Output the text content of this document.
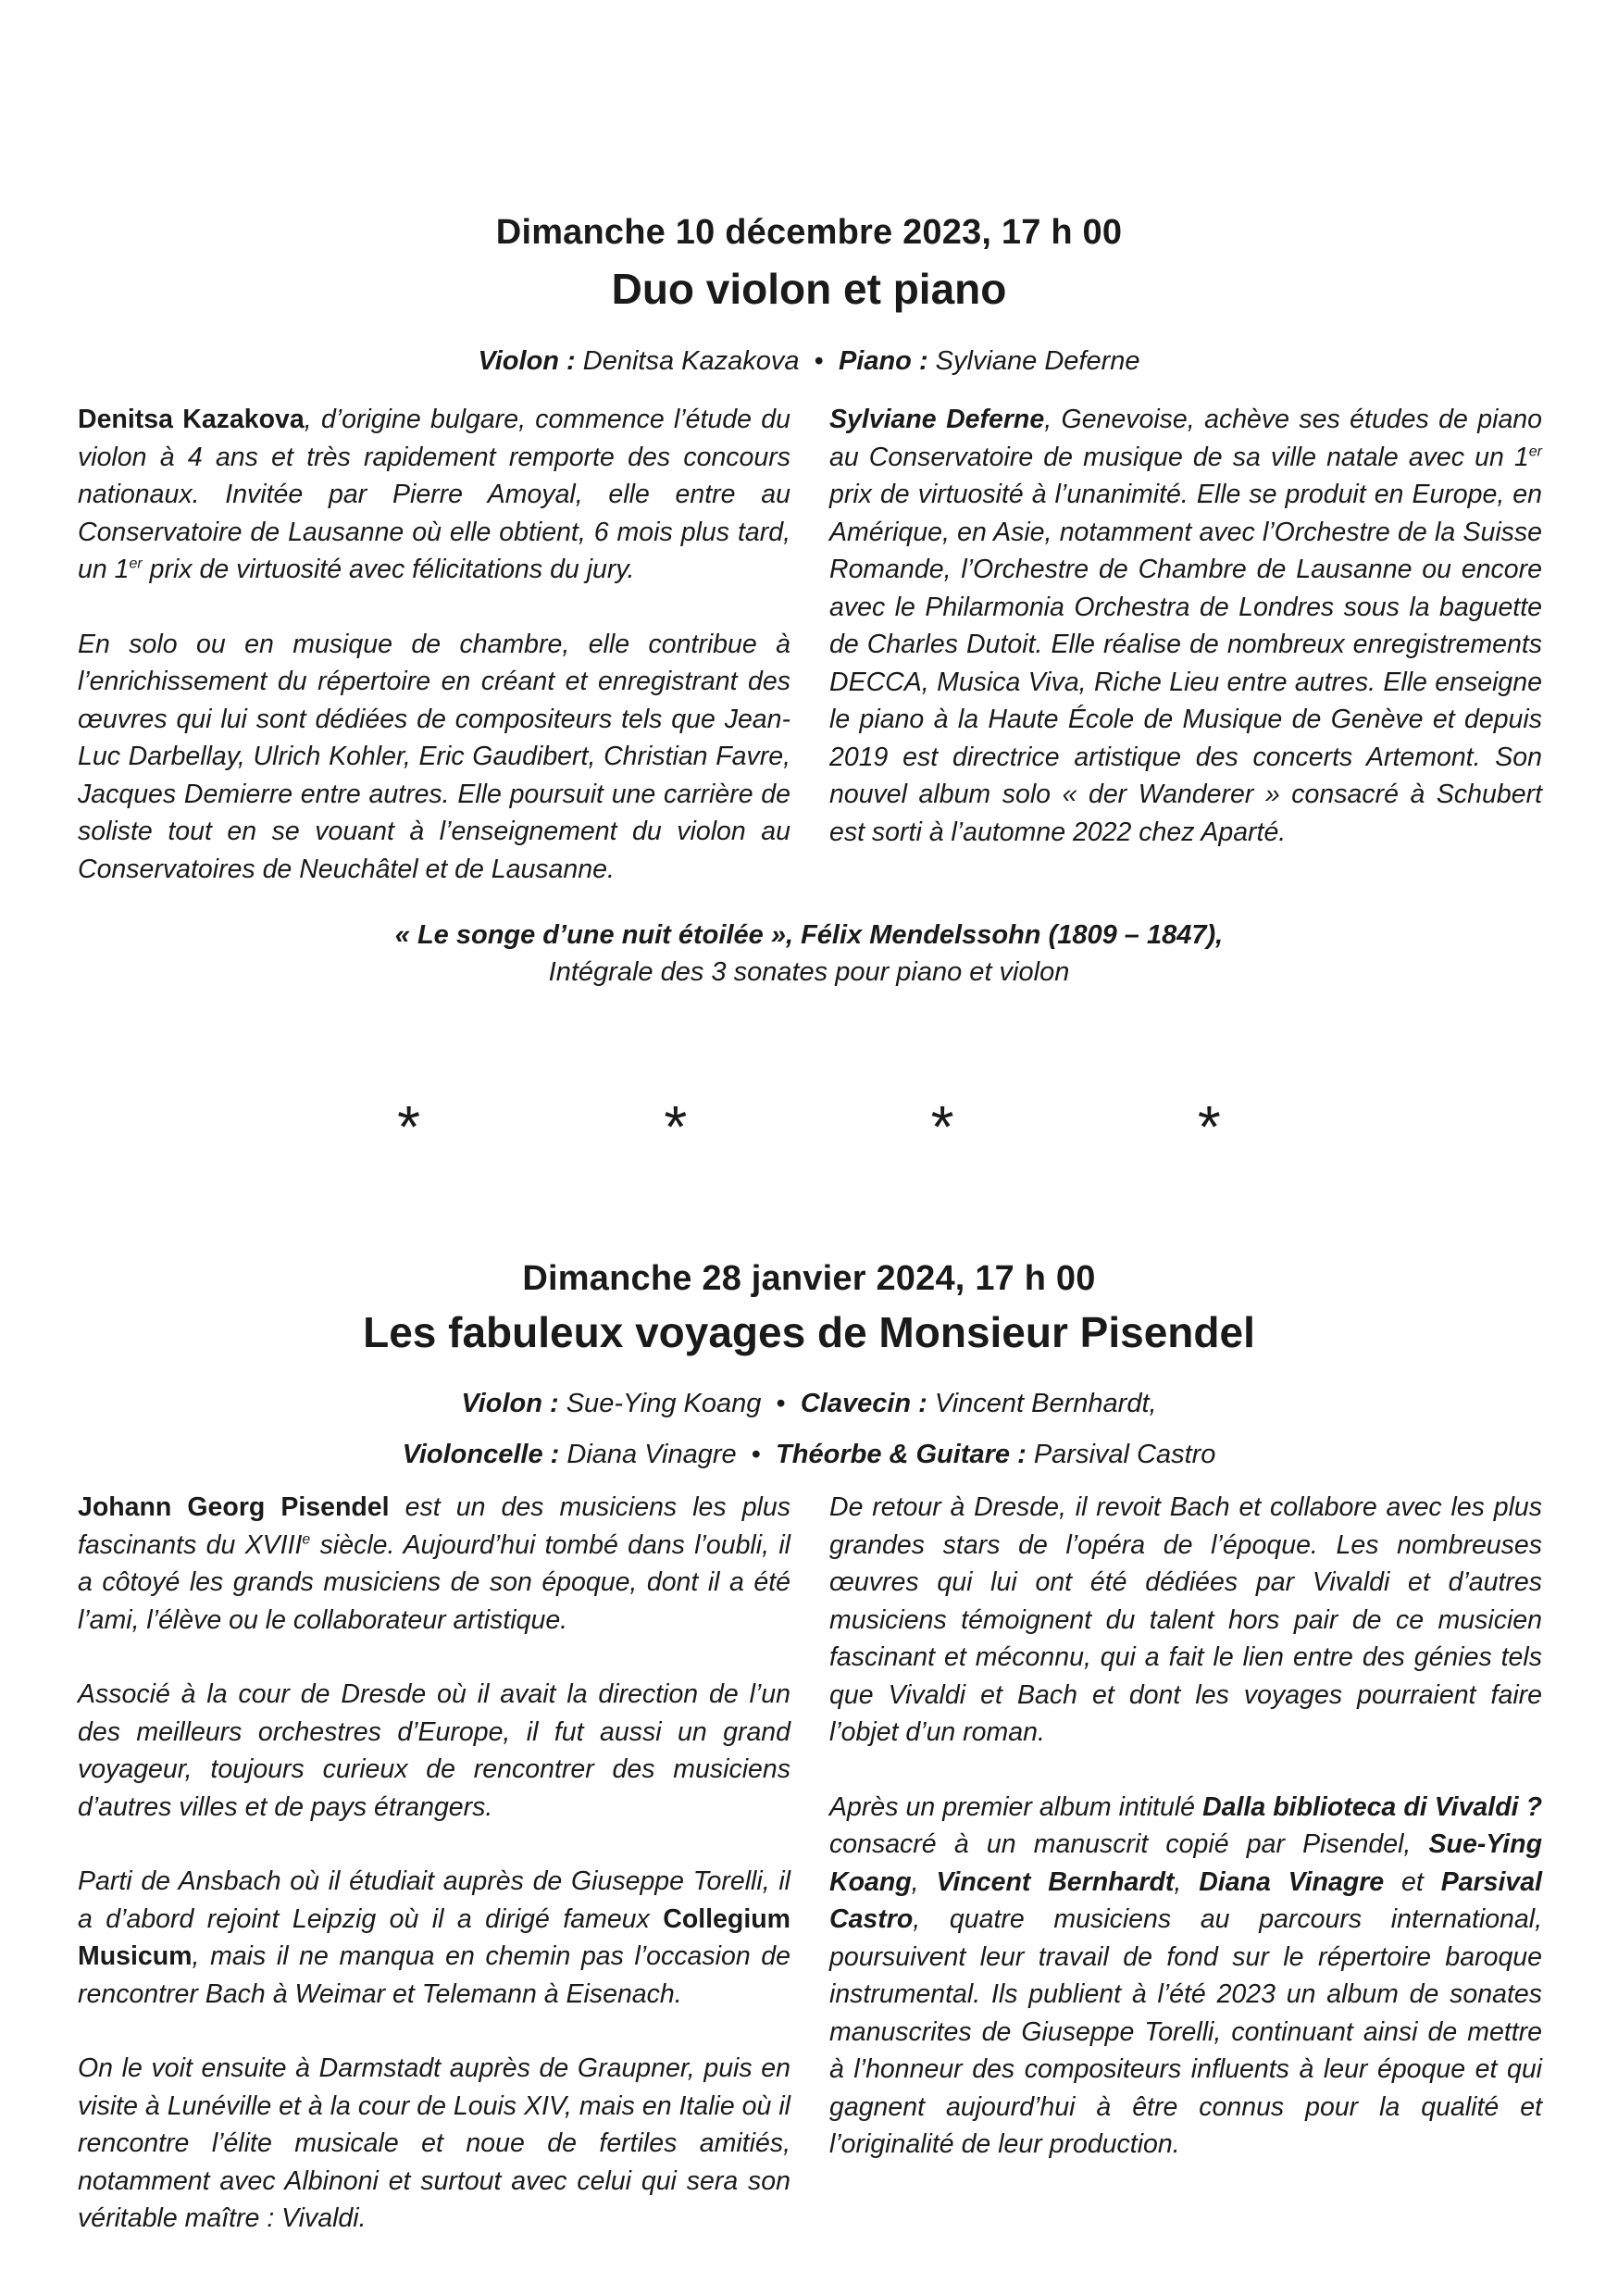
Dimanche 10 décembre 2023, 17 h 00
Duo violon et piano
Violon : Denitsa Kazakova • Piano : Sylviane Deferne

Denitsa Kazakova, d’origine bulgare, commence l’étude du violon à 4 ans et très rapidement remporte des concours nationaux. Invitée par Pierre Amoyal, elle entre au Conservatoire de Lausanne où elle obtient, 6 mois plus tard, un 1er prix de virtuosité avec félicitations du jury.

En solo ou en musique de chambre, elle contribue à l’enrichissement du répertoire en créant et enregistrant des œuvres qui lui sont dédiées de compositeurs tels que Jean-Luc Darbellay, Ulrich Kohler, Eric Gaudibert, Christian Favre, Jacques Demierre entre autres. Elle poursuit une carrière de soliste tout en se vouant à l’enseignement du violon au Conservatoires de Neuchâtel et de Lausanne.

Sylviane Deferne, Genevoise, achève ses études de piano au Conservatoire de musique de sa ville natale avec un 1er prix de virtuosité à l’unanimité. Elle se produit en Europe, en Amérique, en Asie, notamment avec l’Orchestre de la Suisse Romande, l’Orchestre de Chambre de Lausanne ou encore avec le Philarmonia Orchestra de Londres sous la baguette de Charles Dutoit. Elle réalise de nombreux enregistrements DECCA, Musica Viva, Riche Lieu entre autres. Elle enseigne le piano à la Haute École de Musique de Genève et depuis 2019 est directrice artistique des concerts Artemont. Son nouvel album solo « der Wanderer » consacré à Schubert est sorti à l’automne 2022 chez Aparté.

« Le songe d’une nuit étoilée », Félix Mendelssohn (1809 – 1847),
Intégrale des 3 sonates pour piano et violon
*   *   *   *
Dimanche 28 janvier 2024, 17 h 00
Les fabuleux voyages de Monsieur Pisendel
Violon : Sue-Ying Koang • Clavecin : Vincent Bernhardt,
Violoncelle : Diana Vinagre • Théorbe & Guitare : Parsival Castro

Johann Georg Pisendel est un des musiciens les plus fascinants du XVIIIe siècle. Aujourd’hui tombé dans l’oubli, il a côtoyé les grands musiciens de son époque, dont il a été l’ami, l’élève ou le collaborateur artistique.

Associé à la cour de Dresde où il avait la direction de l’un des meilleurs orchestres d’Europe, il fut aussi un grand voyageur, toujours curieux de rencontrer des musiciens d’autres villes et de pays étrangers.

Parti de Ansbach où il étudiait auprès de Giuseppe Torelli, il a d’abord rejoint Leipzig où il a dirigé fameux Collegium Musicum, mais il ne manqua en chemin pas l’occasion de rencontrer Bach à Weimar et Telemann à Eisenach.

On le voit ensuite à Darmstadt auprès de Graupner, puis en visite à Lunéville et à la cour de Louis XIV, mais en Italie où il rencontre l’élite musicale et noue de fertiles amitiés, notamment avec Albinoni et surtout avec celui qui sera son véritable maître : Vivaldi.

De retour à Dresde, il revoit Bach et collabore avec les plus grandes stars de l’opéra de l’époque. Les nombreuses œuvres qui lui ont été dédiées par Vivaldi et d’autres musiciens témoignent du talent hors pair de ce musicien fascinant et méconnu, qui a fait le lien entre des génies tels que Vivaldi et Bach et dont les voyages pourraient faire l’objet d’un roman.

Après un premier album intitulé Dalla biblioteca di Vivaldi ? consacré à un manuscrit copié par Pisendel, Sue-Ying Koang, Vincent Bernhardt, Diana Vinagre et Parsival Castro, quatre musiciens au parcours international, poursuivent leur travail de fond sur le répertoire baroque instrumental. Ils publient à l’été 2023 un album de sonates manuscrites de Giuseppe Torelli, continuant ainsi de mettre à l’honneur des compositeurs influents à leur époque et qui gagnent aujourd’hui à être connus pour la qualité et l’originalité de leur production.
